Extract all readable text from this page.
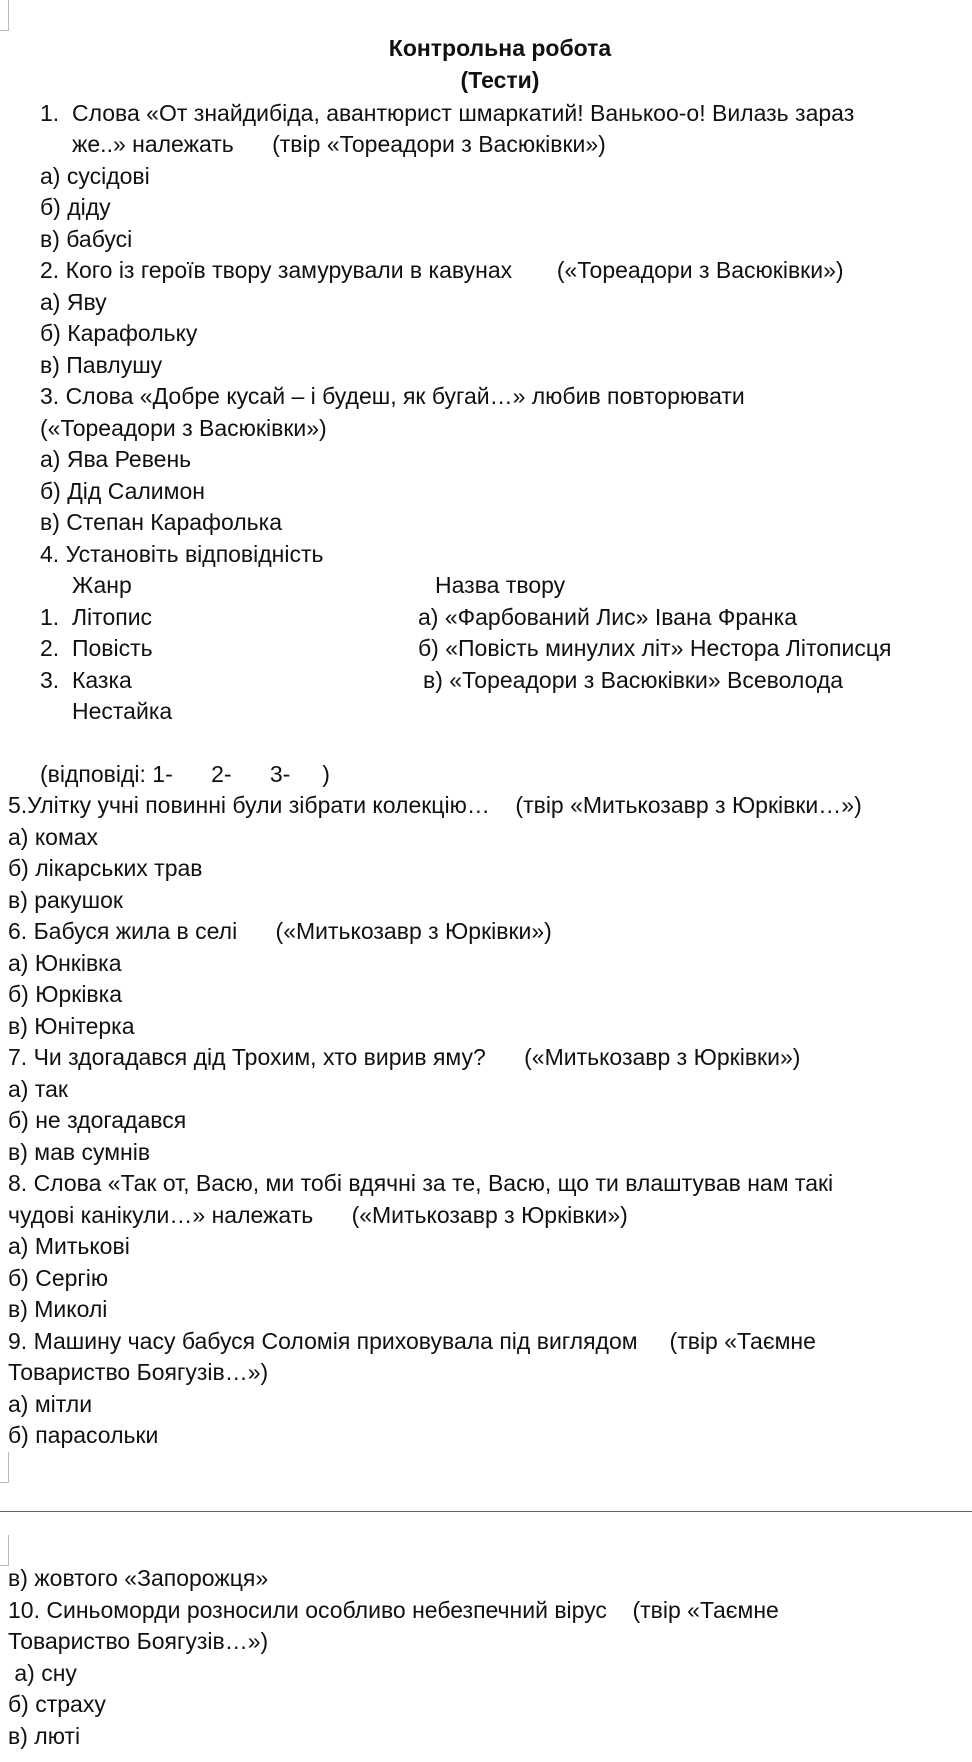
Контрольна робота
(Тести)
1.  Слова «От знайдибіда, авантюрист шмаркатий! Ванькоо-о! Вилазь зараз
же..» належать      (твір «Тореадори з Васюківки»)
а) сусідові
б) діду
в) бабусі
2. Кого із героїв твору замурували в кавунах       («Тореадори з Васюківки»)
а) Яву
б) Карафольку
в) Павлушу
3. Слова «Добре кусай – і будеш, як бугай…» любив повторювати
(«Тореадори з Васюківки»)
а) Ява Ревень
б) Дід Салимон
в) Степан Карафолька
4. Установіть відповідність
Жанр	Назва твору
1.  Літопис	а) «Фарбований Лис» Івана Франка
2.  Повість	б) «Повість минулих літ» Нестора Літописця
3.  Казка	в) «Тореадори з Васюківки» Всеволода
Нестайка
(відповіді: 1-      2-      3-     )
5.Улітку учні повинні були зібрати колекцію…    (твір «Митькозавр з Юрківки…»)
а) комах
б) лікарських трав
в) ракушок
6. Бабуся жила в селі      («Митькозавр з Юрківки»)
а) Юнківка
б) Юрківка
в) Юнітерка
7. Чи здогадався дід Трохим, хто вирив яму?      («Митькозавр з Юрківки»)
а) так
б) не здогадався
в) мав сумнів
8. Слова «Так от, Васю, ми тобі вдячні за те, Васю, що ти влаштував нам такі
чудові канікули…» належать      («Митькозавр з Юрківки»)
а) Митькові
б) Сергію
в) Миколі
9. Машину часу бабуся Соломія приховувала під виглядом     (твір «Таємне
Товариство Боягузів…»)
а) мітли
б) парасольки
в) жовтого «Запорожця»
10. Синьоморди розносили особливо небезпечний вірус    (твір «Таємне
Товариство Боягузів…»)
а) сну
б) страху
в) люті
